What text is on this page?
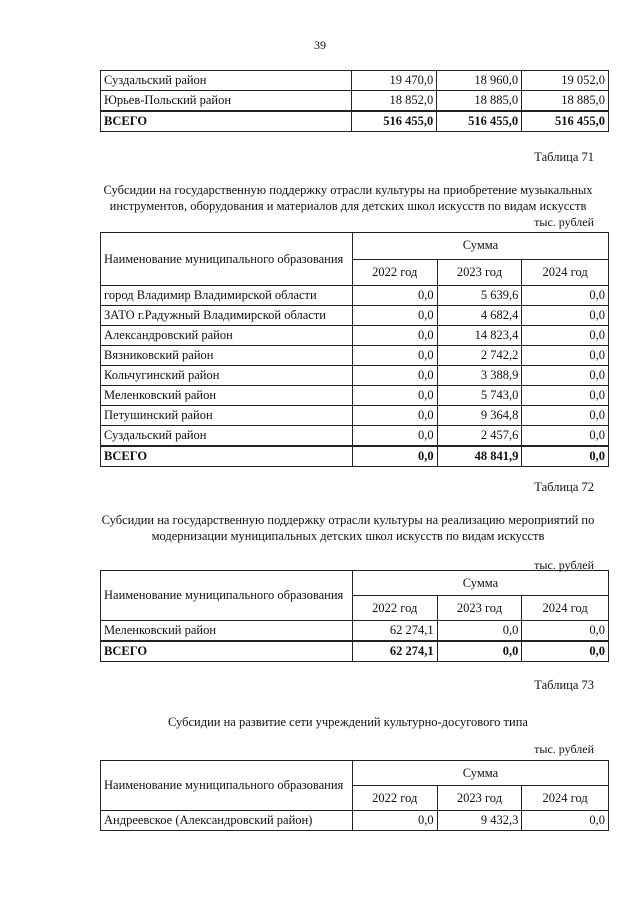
39
Суздальский район	19 470,0	18 960,0	19 052,0
Юрьев-Польский район	18 852,0	18 885,0	18 885,0
ВСЕГО	516 455,0	516 455,0	516 455,0
Таблица 71
Субсидии на государственную поддержку отрасли культуры на приобретение музыкальных инструментов, оборудования и материалов для детских школ искусств по видам искусств
тыс. рублей
Наименование муниципального образования	Сумма		
	2022 год	2023 год	2024 год
город Владимир Владимирской области	0,0	5 639,6	0,0
ЗАТО г.Радужный Владимирской области	0,0	4 682,4	0,0
Александровский район	0,0	14 823,4	0,0
Вязниковский район	0,0	2 742,2	0,0
Кольчугинский район	0,0	3 388,9	0,0
Меленковский район	0,0	5 743,0	0,0
Петушинский район	0,0	9 364,8	0,0
Суздальский район	0,0	2 457,6	0,0
ВСЕГО	0,0	48 841,9	0,0
Таблица 72
Субсидии на государственную поддержку отрасли культуры на реализацию мероприятий по модернизации муниципальных детских школ искусств по видам искусств
тыс. рублей
Наименование муниципального образования	Сумма		
	2022 год	2023 год	2024 год
Меленковский район	62 274,1	0,0	0,0
ВСЕГО	62 274,1	0,0	0,0
Таблица 73
Субсидии на развитие сети учреждений культурно-досугового типа
тыс. рублей
Наименование муниципального образования	Сумма		
	2022 год	2023 год	2024 год
Андреевское (Александровский район)	0,0	9 432,3	0,0
